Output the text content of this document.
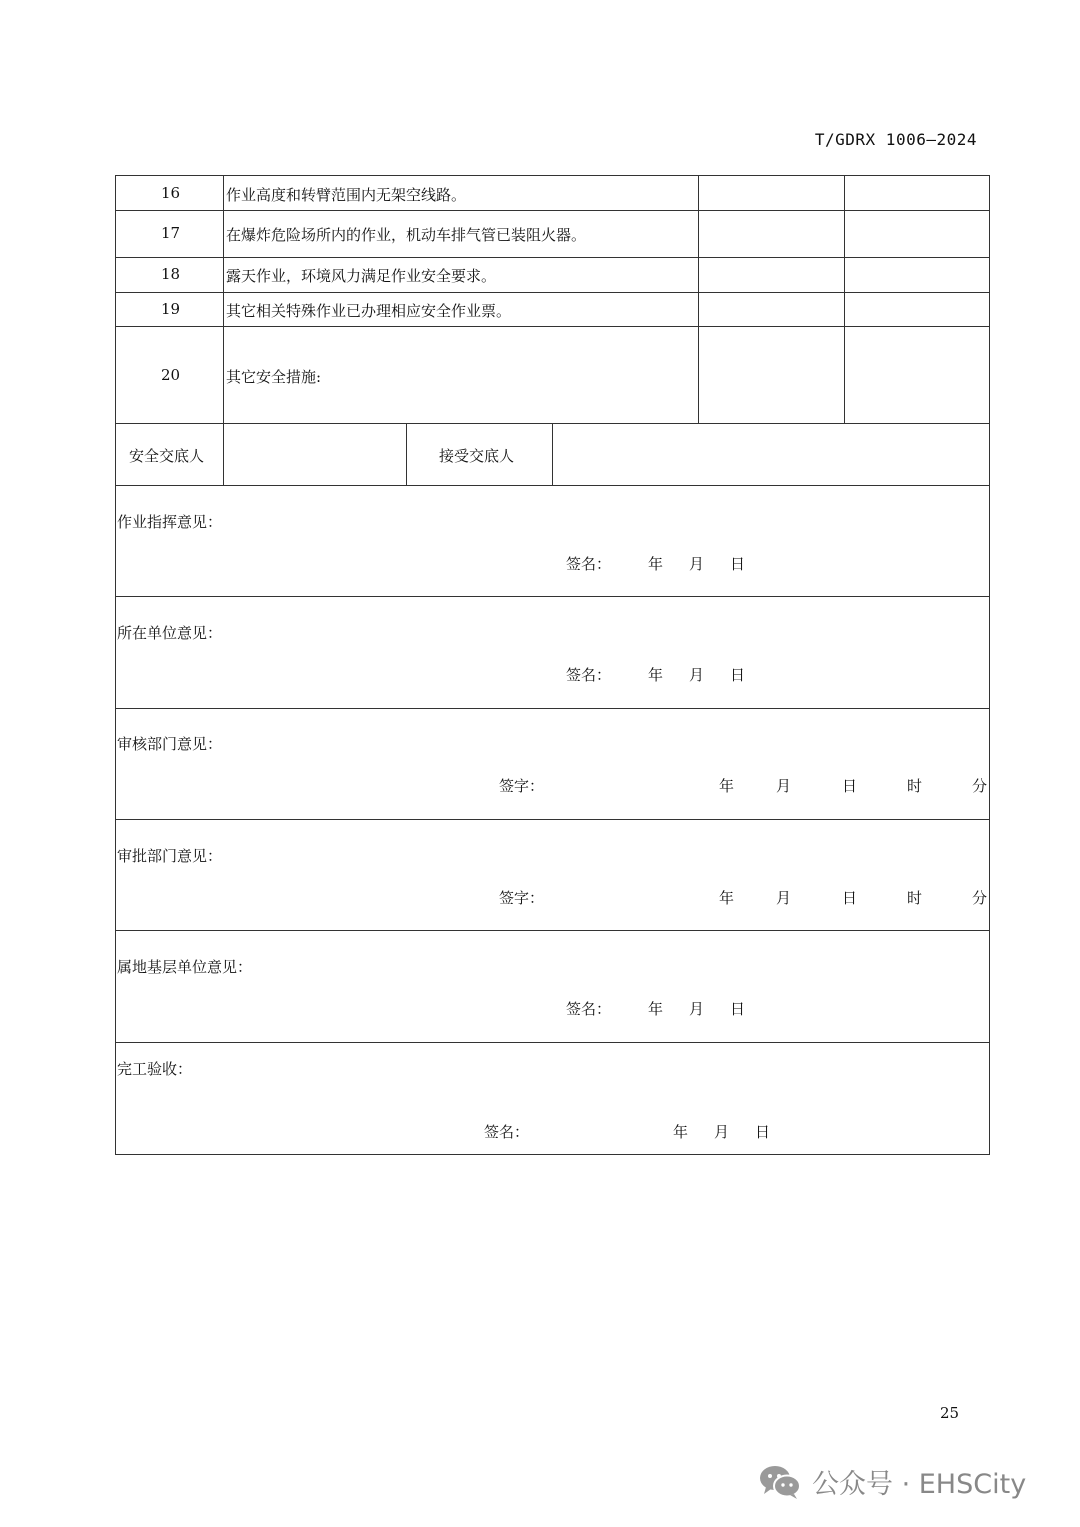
T/GDRX 1006—2024
16	作业高度和转臂范围内无架空线路。
17	在爆炸危险场所内的作业，机动车排气管已装阻火器。
18	露天作业，环境风力满足作业安全要求。
19	其它相关特殊作业已办理相应安全作业票。
20	其它安全措施:
安全交底人	接受交底人
作业指挥意见：
签名： 年 月 日
所在单位意见：
签名： 年 月 日
审核部门意见：
签字：	年	月	日	时	分
审批部门意见：
签字：	年	月	日	时	分
属地基层单位意见：
签名： 年 月 日
完工验收：
签名：	年 月 日
25
公众号 · EHSCity
